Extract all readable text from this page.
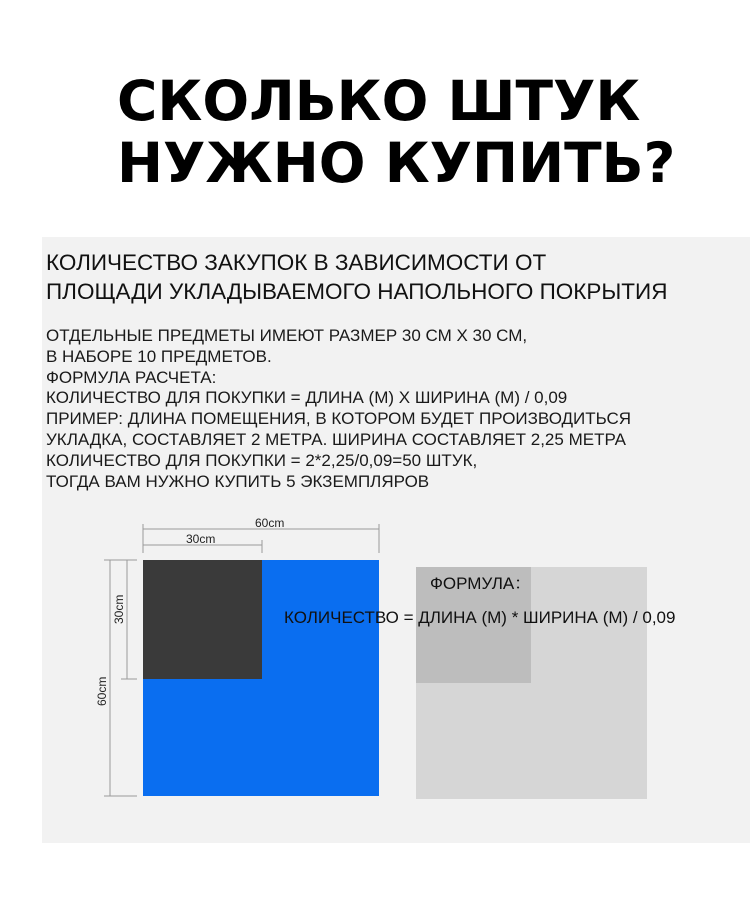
СКОЛЬКО ШТУК
НУЖНО КУПИТЬ?
КОЛИЧЕСТВО ЗАКУПОК В ЗАВИСИМОСТИ ОТ
ПЛОЩАДИ УКЛАДЫВАЕМОГО НАПОЛЬНОГО ПОКРЫТИЯ
ОТДЕЛЬНЫЕ ПРЕДМЕТЫ ИМЕЮТ РАЗМЕР 30 СМ Х 30 СМ,
В НАБОРЕ 10 ПРЕДМЕТОВ.
ФОРМУЛА РАСЧЕТА:
КОЛИЧЕСТВО ДЛЯ ПОКУПКИ = ДЛИНА (М) Х ШИРИНА (М) / 0,09
ПРИМЕР: ДЛИНА ПОМЕЩЕНИЯ, В КОТОРОМ БУДЕТ ПРОИЗВОДИТЬСЯ
УКЛАДКА, СОСТАВЛЯЕТ 2 МЕТРА. ШИРИНА СОСТАВЛЯЕТ 2,25 МЕТРА
КОЛИЧЕСТВО ДЛЯ ПОКУПКИ = 2*2,25/0,09=50 ШТУК,
ТОГДА ВАМ НУЖНО КУПИТЬ 5 ЭКЗЕМПЛЯРОВ
60cm
30cm
30cm
60cm
ФОРМУЛА：
КОЛИЧЕСТВО = ДЛИНА (М) * ШИРИНА (М) / 0,09
